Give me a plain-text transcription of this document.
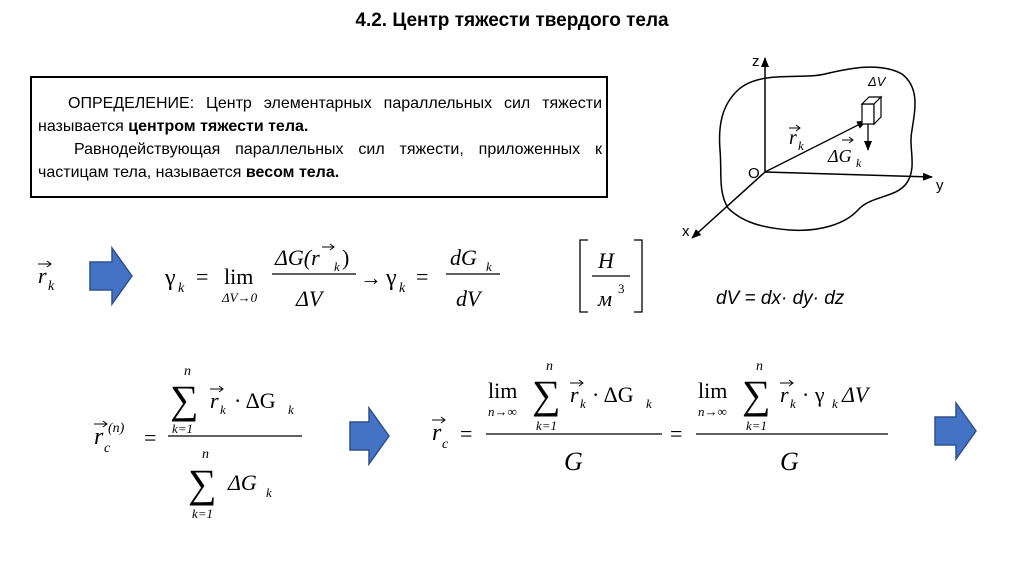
4.2. Центр тяжести твердого тела

ОПРЕДЕЛЕНИЕ: Центр элементарных параллельных сил тяжести называется центром тяжести тела.

Равнодействующая параллельных сил тяжести, приложенных к частицам тела, называется весом тела.

z
y
x
O
ΔV
r k
ΔG k
r k	γ k = lim
ΔV→0
ΔG(r k )
ΔV
→ γ k =
dG k
dV
Н
м 3
r c
(n) =
n
∑
k=1
r k · ΔG k
n
∑
k=1
ΔG k
r c =
lim
n→∞
n
∑
k=1
r k · ΔG k
G
=
lim
n→∞
n
∑
k=1
r k · γ k ΔV
G
dV = dx· dy· dz
